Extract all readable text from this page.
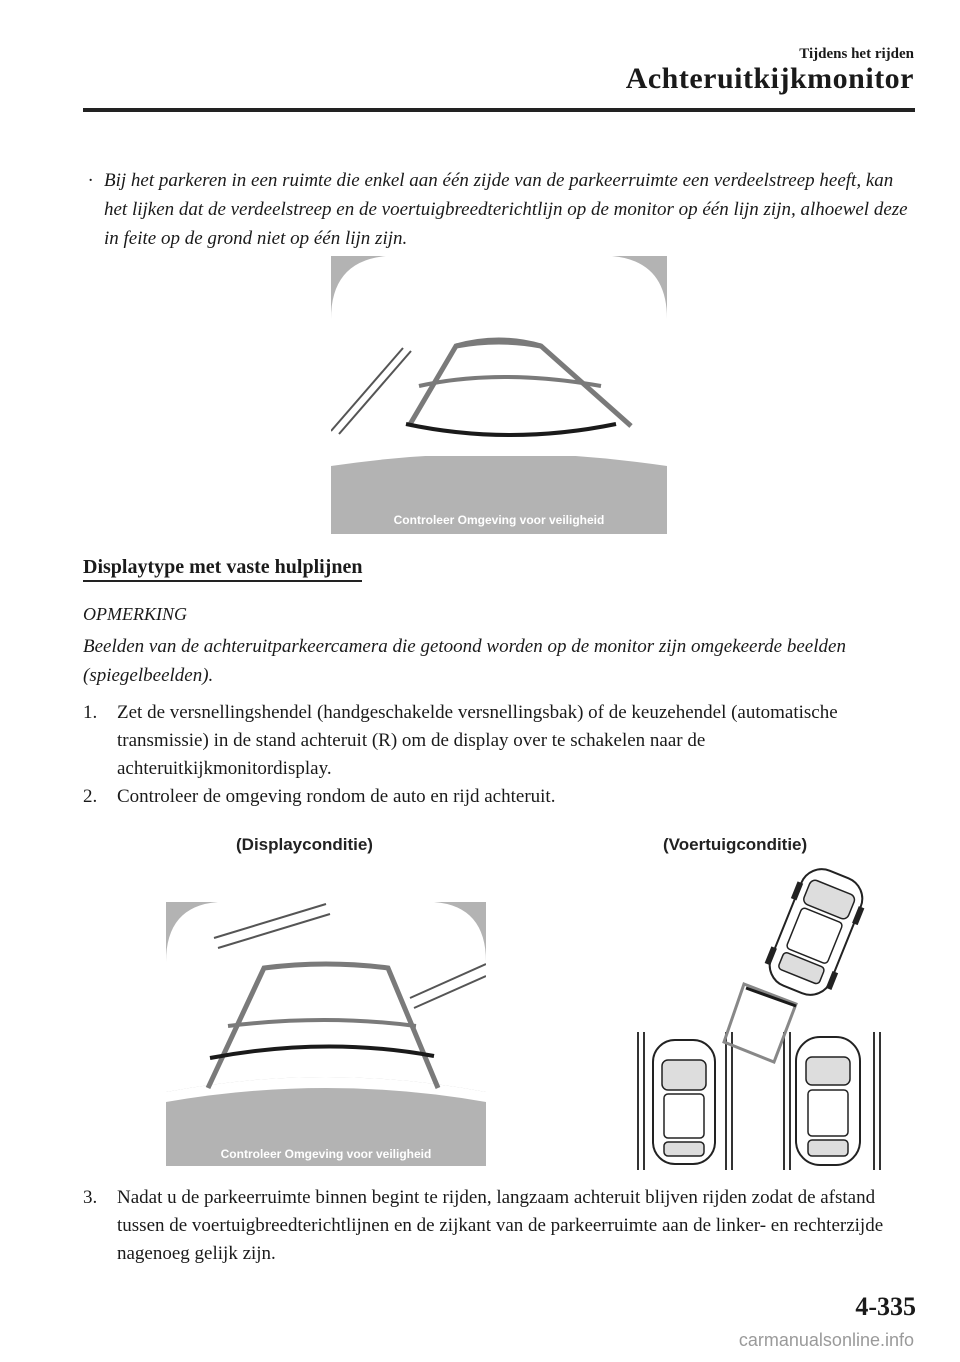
Tijdens het rijden
Achteruitkijkmonitor
· Bij het parkeren in een ruimte die enkel aan één zijde van de parkeerruimte een verdeelstreep heeft, kan het lijken dat de verdeelstreep en de voertuigbreedterichtlijn op de monitor op één lijn zijn, alhoewel deze in feite op de grond niet op één lijn zijn.
Controleer Omgeving voor veiligheid
Displaytype met vaste hulplijnen
OPMERKING
Beelden van de achteruitparkeercamera die getoond worden op de monitor zijn omgekeerde beelden (spiegelbeelden).
1. Zet de versnellingshendel (handgeschakelde versnellingsbak) of de keuzehendel (automatische transmissie) in de stand achteruit (R) om de display over te schakelen naar de achteruitkijkmonitordisplay.
2. Controleer de omgeving rondom de auto en rijd achteruit.
(Displayconditie)	(Voertuigconditie)
Controleer Omgeving voor veiligheid
3. Nadat u de parkeerruimte binnen begint te rijden, langzaam achteruit blijven rijden zodat de afstand tussen de voertuigbreedterichtlijnen en de zijkant van de parkeerruimte aan de linker- en rechterzijde nagenoeg gelijk zijn.
4-335
carmanualsonline.info
